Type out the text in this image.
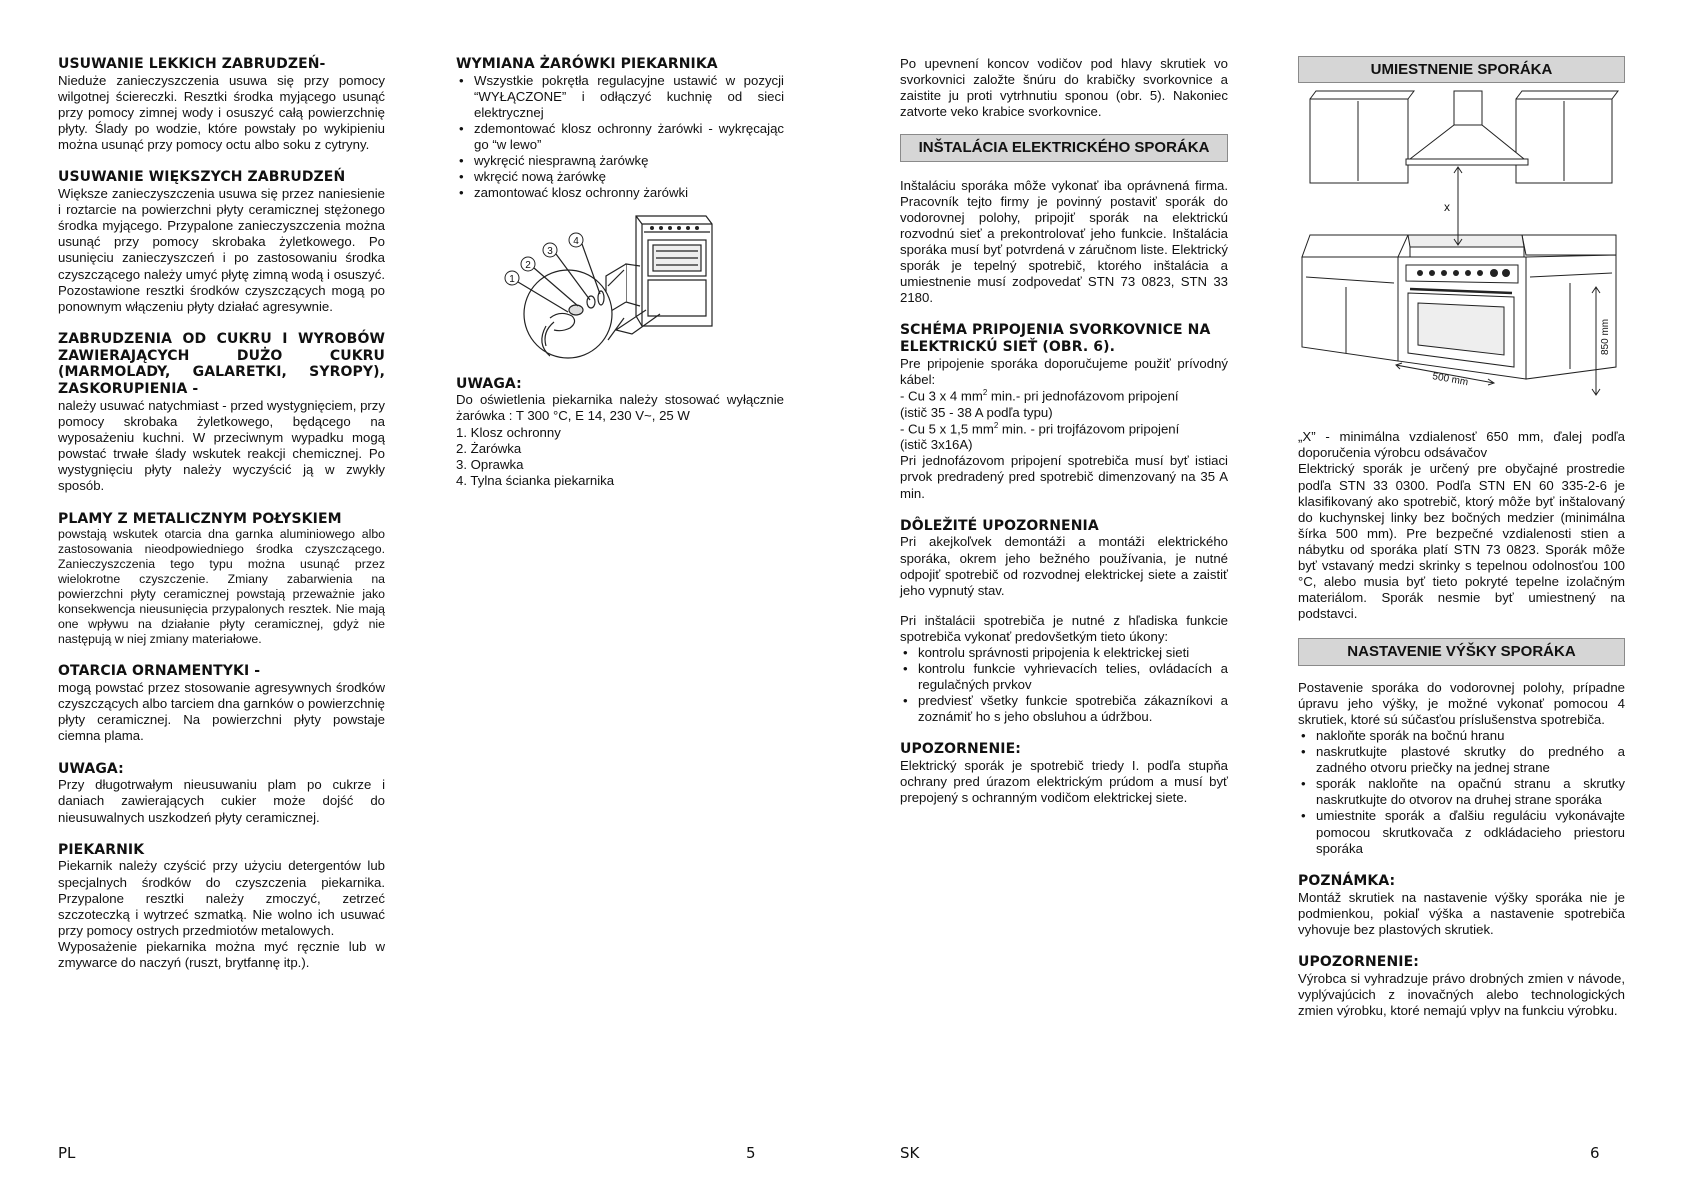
USUWANIE LEKKICH ZABRUDZEŃ-

Nieduże zanieczyszczenia usuwa się przy pomocy wilgotnej ściereczki. Resztki środka myjącego usunąć przy pomocy zimnej wody i osuszyć całą powierzchnię płyty. Ślady po wodzie, które powstały po wykipieniu można usunąć przy pomocy octu albo soku z cytryny.

USUWANIE WIĘKSZYCH ZABRUDZEŃ

Większe zanieczyszczenia usuwa się przez naniesienie i roztarcie na powierzchni płyty ceramicznej stężonego środka myjącego. Przypalone zanieczyszczenia można usunąć przy pomocy skrobaka żyletkowego. Po usunięciu zanieczyszczeń i po zastosowaniu środka czyszczącego należy umyć płytę zimną wodą i osuszyć. Pozostawione resztki środków czyszczących mogą po ponownym włączeniu płyty działać agresywnie.

ZABRUDZENIA OD CUKRU I WYROBÓW ZAWIERAJĄCYCH DUŻO CUKRU (MARMOLADY, GALARETKI, SYROPY), ZASKORUPIENIA -

należy usuwać natychmiast - przed wystygnięciem, przy pomocy skrobaka żyletkowego, będącego na wyposażeniu kuchni. W przeciwnym wypadku mogą powstać trwałe ślady wskutek reakcji chemicznej. Po wystygnięciu płyty należy wyczyścić ją w zwykły sposób.

PLAMY Z METALICZNYM POŁYSKIEM

powstają wskutek otarcia dna garnka aluminiowego albo zastosowania nieodpowiedniego środka czyszczącego. Zanieczyszczenia tego typu można usunąć przez wielokrotne czyszczenie. Zmiany zabarwienia na powierzchni płyty ceramicznej powstają przeważnie jako konsekwencja nieusunięcia przypalonych resztek. Nie mają one wpływu na działanie płyty ceramicznej, gdyż nie następują w niej zmiany materiałowe.

OTARCIA ORNAMENTYKI -

mogą powstać przez stosowanie agresywnych środków czyszczących albo tarciem dna garnków o powierzchnię płyty ceramicznej. Na powierzchni płyty powstaje ciemna plama.

UWAGA:

Przy długotrwałym nieusuwaniu plam po cukrze i daniach zawierających cukier może dojść do nieusuwalnych uszkodzeń płyty ceramicznej.

PIEKARNIK

Piekarnik należy czyścić przy użyciu detergentów lub specjalnych środków do czyszczenia piekarnika. Przypalone resztki należy zmoczyć, zetrzeć szczoteczką i wytrzeć szmatką. Nie wolno ich usuwać przy pomocy ostrych przedmiotów metalowych.

Wyposażenie piekarnika można myć ręcznie lub w zmywarce do naczyń (ruszt, brytfannę itp.).

WYMIANA ŻARÓWKI PIEKARNIKA
• Wszystkie pokrętła regulacyjne ustawić w pozycji “WYŁĄCZONE” i odłączyć kuchnię od sieci elektrycznej
• zdemontować klosz ochronny żarówki - wykręcając go “w lewo”
• wykręcić niesprawną żarówkę
• wkręcić nową żarówkę
• zamontować klosz ochronny żarówki
1
2
3
4
UWAGA:

Do oświetlenia piekarnika należy stosować wyłącznie żarówka : T 300 °C, E 14, 230 V~, 25 W

1. Klosz ochronny
2. Żarówka
3. Oprawka
4. Tylna ścianka piekarnika

Po upevnení koncov vodičov pod hlavy skrutiek vo svorkovnici založte šnúru do krabičky svorkovnice a zaistite ju proti vytrhnutiu sponou (obr. 5). Nakoniec zatvorte veko krabice svorkovnice.

INŠTALÁCIA ELEKTRICKÉHO SPORÁKA

Inštaláciu sporáka môže vykonať iba oprávnená firma. Pracovník tejto firmy je povinný postaviť sporák do vodorovnej polohy, pripojiť sporák na elektrickú rozvodnú sieť a prekontrolovať jeho funkcie. Inštalácia sporáka musí byť potvrdená v záručnom liste. Elektrický sporák je tepelný spotrebič, ktorého inštalácia a umiestnenie musí zodpovedať STN 73 0823, STN 33 2180.

SCHÉMA PRIPOJENIA SVORKOVNICE NA ELEKTRICKÚ SIEŤ (OBR. 6).

Pre pripojenie sporáka doporučujeme použiť prívodný kábel:

- Cu 3 x 4 $mm^2$ min.- pri jednofázovom pripojení

(istič 35 - 38 A podľa typu)

- Cu 5 x 1,5 $mm^2$ min. - pri trojfázovom pripojení

(istič 3x16A)

Pri jednofázovom pripojení spotrebiča musí byť istiaci prvok predradený pred spotrebič dimenzovaný na 35 A min.

DÔLEŽITÉ UPOZORNENIA

Pri akejkoľvek demontáži a montáži elektrického sporáka, okrem jeho bežného používania, je nutné odpojiť spotrebič od rozvodnej elektrickej siete a zaistiť jeho vypnutý stav.

Pri inštalácii spotrebiča je nutné z hľadiska funkcie spotrebiča vykonať predovšetkým tieto úkony:

• kontrolu správnosti pripojenia k elektrickej sieti
• kontrolu funkcie vyhrievacích telies, ovládacích a regulačných prvkov
• predviesť všetky funkcie spotrebiča zákazníkovi a zoznámiť ho s jeho obsluhou a údržbou.
UPOZORNENIE:

Elektrický sporák je spotrebič triedy I. podľa stupňa ochrany pred úrazom elektrickým prúdom a musí byť prepojený s ochranným vodičom elektrickej siete.

UMIESTNENIE SPORÁKA
x
500 mm
850 mm

„X” - minimálna vzdialenosť 650 mm, ďalej podľa doporučenia výrobcu odsávačov
Elektrický sporák je určený pre obyčajné prostredie podľa STN 33 0300. Podľa STN EN 60 335-2-6 je klasifikovaný ako spotrebič, ktorý môže byť inštalovaný do kuchynskej linky bez bočných medzier (minimálna šírka 500 mm). Pre bezpečné vzdialenosti stien a nábytku od sporáka platí STN 73 0823. Sporák môže byť vstavaný medzi skrinky s tepelnou odolnosťou 100 °C, alebo musia byť tieto pokryté tepelne izolačným materiálom. Sporák nesmie byť umiestnený na podstavci.

NASTAVENIE VÝŠKY SPORÁKA

Postavenie sporáka do vodorovnej polohy, prípadne úpravu jeho výšky, je možné vykonať pomocou 4 skrutiek, ktoré sú súčasťou príslušenstva spotrebiča.

• nakloňte sporák na bočnú hranu
• naskrutkujte plastové skrutky do predného a zadného otvoru priečky na jednej strane
• sporák nakloňte na opačnú stranu a skrutky naskrutkujte do otvorov na druhej strane sporáka
• umiestnite sporák a ďalšiu reguláciu vykonávajte pomocou skrutkovača z odkládacieho priestoru sporáka
POZNÁMKA:

Montáž skrutiek na nastavenie výšky sporáka nie je podmienkou, pokiaľ výška a nastavenie spotrebiča vyhovuje bez plastových skrutiek.

UPOZORNENIE:

Výrobca si vyhradzuje právo drobných zmien v návode, vyplývajúcich z inovačných alebo technologických zmien výrobku, ktoré nemajú vplyv na funkciu výrobku.

PL	5	SK	6
